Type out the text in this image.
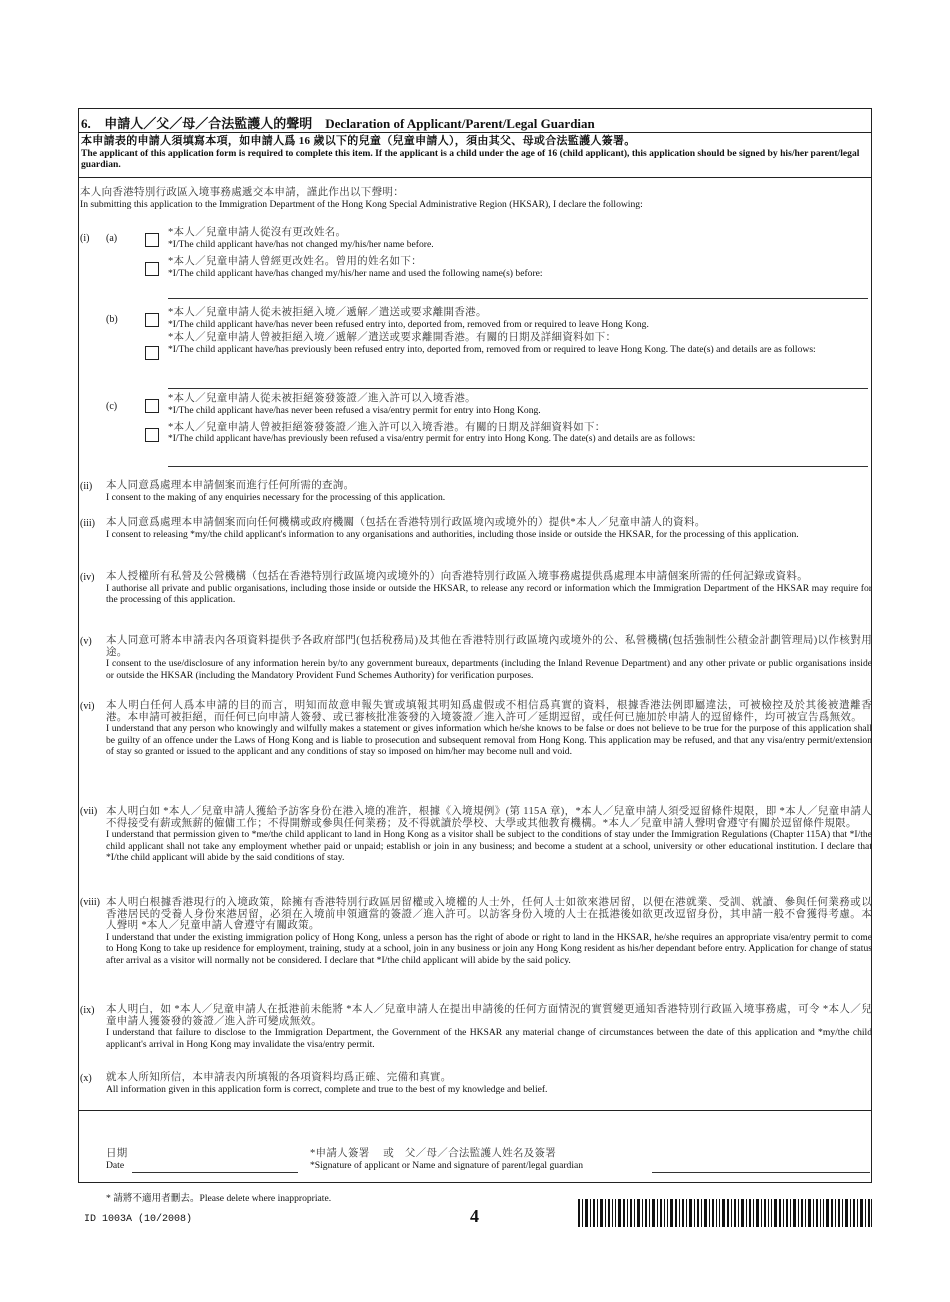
6. 申請人／父／母／合法監護人的聲明 Declaration of Applicant/Parent/Legal Guardian
本申請表的申請人須填寫本項，如申請人爲 16 歲以下的兒童（兒童申請人），須由其父、母或合法監護人簽署。
The applicant of this application form is required to complete this item. If the applicant is a child under the age of 16 (child applicant), this application should be signed by his/her parent/legal guardian.
本人向香港特別行政區入境事務處遞交本申請，謹此作出以下聲明：
In submitting this application to the Immigration Department of the Hong Kong Special Administrative Region (HKSAR), I declare the following:
(i) (a)
*本人／兒童申請人從沒有更改姓名。
*I/The child applicant have/has not changed my/his/her name before.
*本人／兒童申請人曾經更改姓名。曾用的姓名如下：
*I/The child applicant have/has changed my/his/her name and used the following name(s) before:
(b)
*本人／兒童申請人從未被拒絕入境／遞解／遣送或要求離開香港。
*I/The child applicant have/has never been refused entry into, deported from, removed from or required to leave Hong Kong.
*本人／兒童申請人曾被拒絕入境／遞解／遣送或要求離開香港。有關的日期及詳細資料如下：
*I/The child applicant have/has previously been refused entry into, deported from, removed from or required to leave Hong Kong. The date(s) and details are as follows:
(c)
*本人／兒童申請人從未被拒絕簽發簽證／進入許可以入境香港。
*I/The child applicant have/has never been refused a visa/entry permit for entry into Hong Kong.
*本人／兒童申請人曾被拒絕簽發簽證／進入許可以入境香港。有關的日期及詳細資料如下：
*I/The child applicant have/has previously been refused a visa/entry permit for entry into Hong Kong. The date(s) and details are as follows:
(ii) 本人同意爲處理本申請個案而進行任何所需的查詢。
I consent to the making of any enquiries necessary for the processing of this application.
(iii) 本人同意爲處理本申請個案而向任何機構或政府機關（包括在香港特別行政區境內或境外的）提供*本人／兒童申請人的資料。
I consent to releasing *my/the child applicant's information to any organisations and authorities, including those inside or outside the HKSAR, for the processing of this application.
(iv) 本人授權所有私營及公營機構（包括在香港特別行政區境內或境外的）向香港特別行政區入境事務處提供爲處理本申請個案所需的任何記錄或資料。
I authorise all private and public organisations, including those inside or outside the HKSAR, to release any record or information which the Immigration Department of the HKSAR may require for the processing of this application.
(v) 本人同意可將本申請表內各項資料提供予各政府部門(包括稅務局)及其他在香港特別行政區境內或境外的公、私營機構(包括強制性公積金計劃管理局)以作核對用途。
I consent to the use/disclosure of any information herein by/to any government bureaux, departments (including the Inland Revenue Department) and any other private or public organisations inside or outside the HKSAR (including the Mandatory Provident Fund Schemes Authority) for verification purposes.
(vi) 本人明白任何人爲本申請的目的而言，明知而故意申報失實或填報其明知爲虛假或不相信爲真實的資料，根據香港法例即屬違法，可被檢控及於其後被遣離香港。本申請可被拒絕，而任何已向申請人簽發、或已審核批准簽發的入境簽證／進入許可／延期逗留，或任何已施加於申請人的逗留條件，均可被宣告爲無效。
I understand that any person who knowingly and wilfully makes a statement or gives information which he/she knows to be false or does not believe to be true for the purpose of this application shall be guilty of an offence under the Laws of Hong Kong and is liable to prosecution and subsequent removal from Hong Kong. This application may be refused, and that any visa/entry permit/extension of stay so granted or issued to the applicant and any conditions of stay so imposed on him/her may become null and void.
(vii) 本人明白如 *本人／兒童申請人獲給予訪客身份在港入境的准許，根據《入境規例》(第 115A 章)，*本人／兒童申請人須受逗留條件規限，即 *本人／兒童申請人不得接受有薪或無薪的僱傭工作；不得開辦或參與任何業務；及不得就讀於學校、大學或其他教育機構。*本人／兒童申請人聲明會遵守有關於逗留條件規限。
I understand that permission given to *me/the child applicant to land in Hong Kong as a visitor shall be subject to the conditions of stay under the Immigration Regulations (Chapter 115A) that *I/the child applicant shall not take any employment whether paid or unpaid; establish or join in any business; and become a student at a school, university or other educational institution. I declare that *I/the child applicant will abide by the said conditions of stay.
(viii) 本人明白根據香港現行的入境政策，除擁有香港特別行政區居留權或入境權的人士外，任何人士如欲來港居留，以便在港就業、受訓、就讀、參與任何業務或以香港居民的受養人身份來港居留，必須在入境前申領適當的簽證／進入許可。以訪客身份入境的人士在抵港後如欲更改逗留身份，其申請一般不會獲得考慮。本人聲明 *本人／兒童申請人會遵守有關政策。
I understand that under the existing immigration policy of Hong Kong, unless a person has the right of abode or right to land in the HKSAR, he/she requires an appropriate visa/entry permit to come to Hong Kong to take up residence for employment, training, study at a school, join in any business or join any Hong Kong resident as his/her dependant before entry. Application for change of status after arrival as a visitor will normally not be considered. I declare that *I/the child applicant will abide by the said policy.
(ix) 本人明白，如 *本人／兒童申請人在抵港前未能將 *本人／兒童申請人在提出申請後的任何方面情況的實質變更通知香港特別行政區入境事務處，可令 *本人／兒童申請人獲簽發的簽證／進入許可變成無效。
I understand that failure to disclose to the Immigration Department, the Government of the HKSAR any material change of circumstances between the date of this application and *my/the child applicant's arrival in Hong Kong may invalidate the visa/entry permit.
(x) 就本人所知所信，本申請表內所填報的各項資料均爲正確、完備和真實。
All information given in this application form is correct, complete and true to the best of my knowledge and belief.
日期
Date
*申請人簽署　 或　父／母／合法監護人姓名及簽署
*Signature of applicant or Name and signature of parent/legal guardian
* 請將不適用者刪去。Please delete where inappropriate.
ID 1003A (10/2008)	4
